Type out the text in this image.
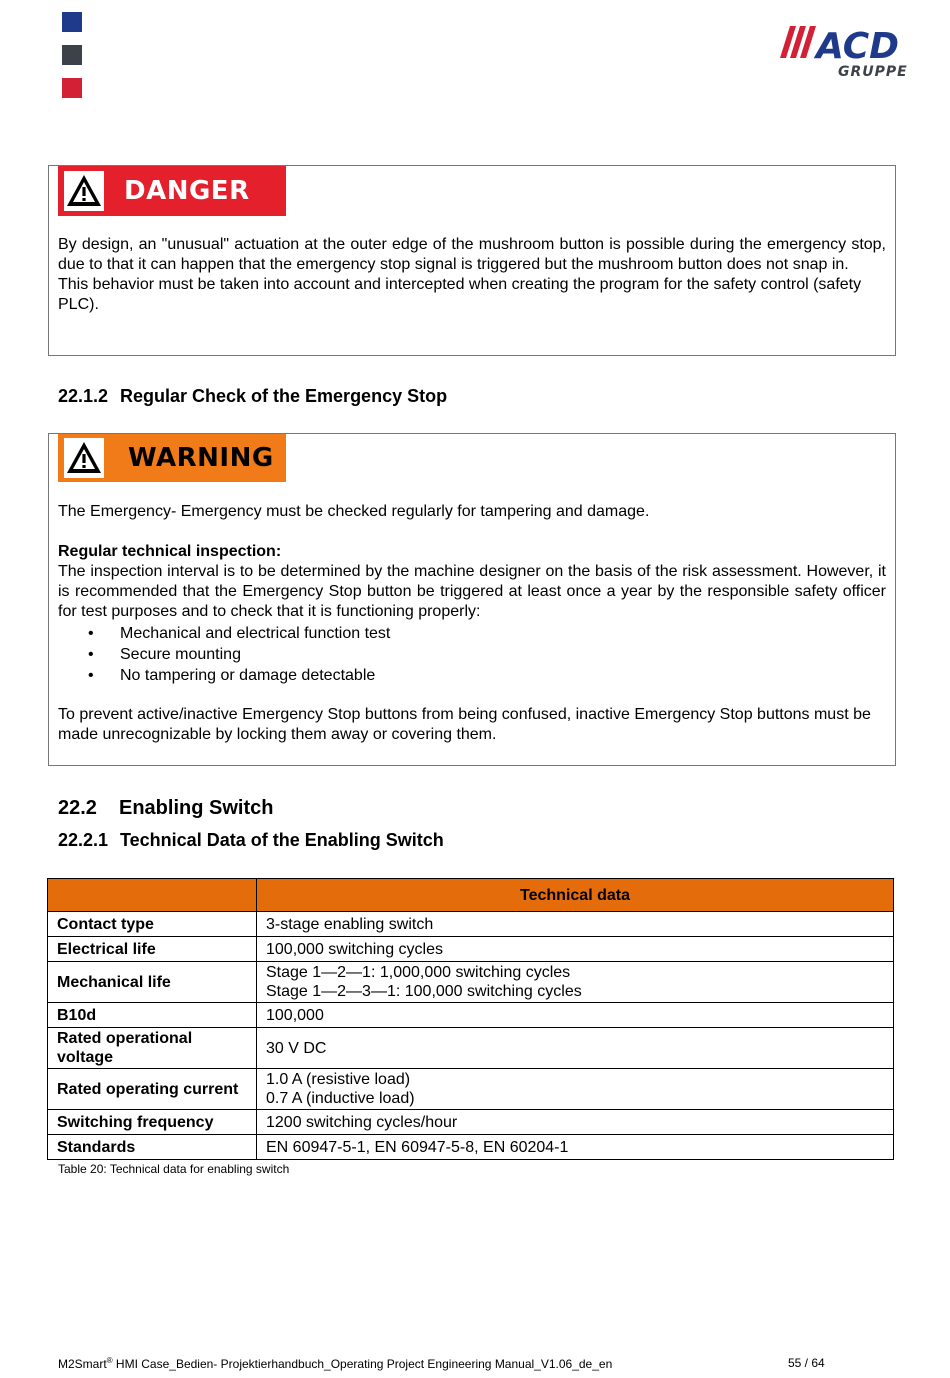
ACD
GRUPPE
DANGER

By design, an "unusual" actuation at the outer edge of the mushroom button is possible during the emergency stop, due to that it can happen that the emergency stop signal is triggered but the mushroom button does not snap in.

This behavior must be taken into account and intercepted when creating the program for the safety control (safety PLC).

22.1.2 Regular Check of the Emergency Stop
WARNING

The Emergency- Emergency must be checked regularly for tampering and damage.

Regular technical inspection:

The inspection interval is to be determined by the machine designer on the basis of the risk assessment. However, it is recommended that the Emergency Stop button be triggered at least once a year by the responsible safety officer for test purposes and to check that it is functioning properly:

• Mechanical and electrical function test
• Secure mounting
• No tampering or damage detectable

To prevent active/inactive Emergency Stop buttons from being confused, inactive Emergency Stop buttons must be made unrecognizable by locking them away or covering them.

22.2 Enabling Switch
22.2.1 Technical Data of the Enabling Switch
	Technical data
Contact type	3-stage enabling switch
Electrical life	100,000 switching cycles
Mechanical life	Stage 1—2—1: 1,000,000 switching cycles
Stage 1—2—3—1: 100,000 switching cycles

B10d	100,000
Rated operational voltage	30 V DC
Rated operating current	1.0 A (resistive load)
0.7 A (inductive load)

Switching frequency	1200 switching cycles/hour
Standards	EN 60947-5-1, EN 60947-5-8, EN 60204-1
Table 20: Technical data for enabling switch
M2Smart® HMI Case_Bedien- Projektierhandbuch_Operating Project Engineering Manual_V1.06_de_en	55 / 64
